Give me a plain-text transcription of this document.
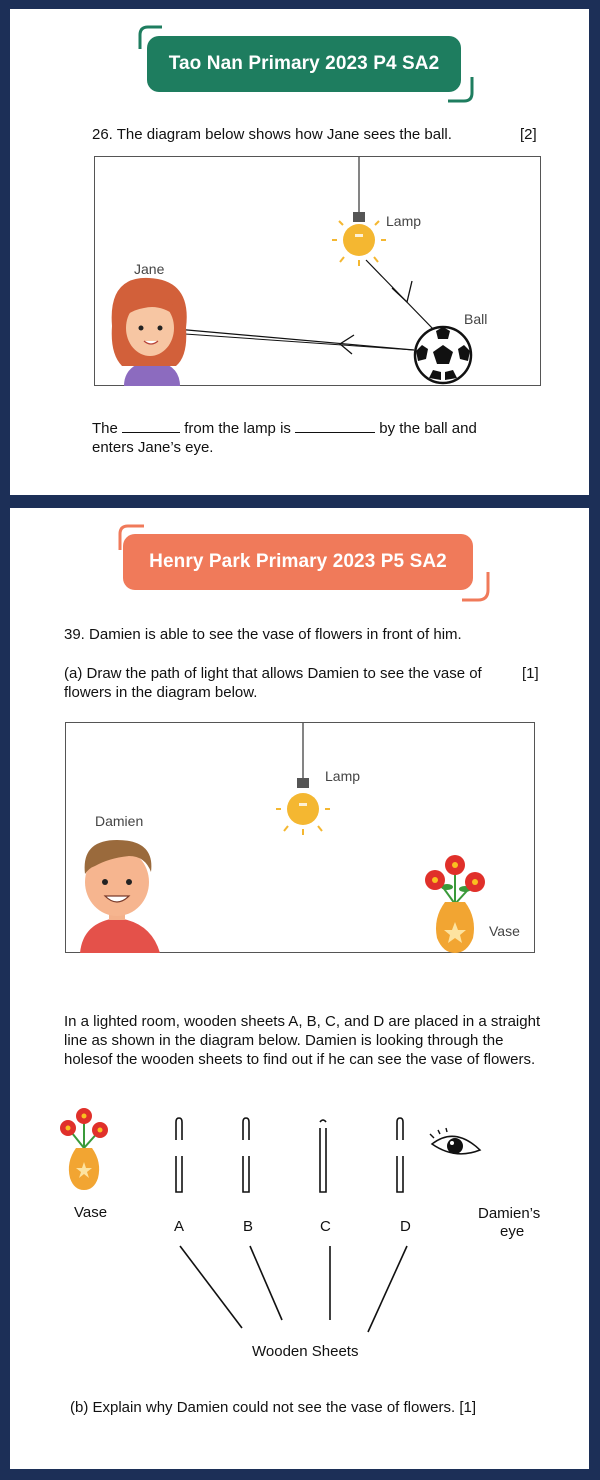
Tao Nan Primary 2023 P4 SA2
26. The diagram below shows how Jane sees the ball.	[2]
Lamp
Ball
Jane
The	from the lamp is	by the ball and
enters Jane’s eye.
Henry Park Primary 2023 P5 SA2
39. Damien is able to see the vase of flowers in front of him.
(a) Draw the path of light that allows Damien to see the vase of flowers in the diagram below.
[1]
Lamp
Damien
Vase
In a lighted room, wooden sheets A, B, C, and D are placed in a straight line as shown in the diagram below. Damien is looking through the holesof the wooden sheets to find out if he can see the vase of flowers.
Vase
A	B	C	D
Damien’s
eye
Wooden Sheets
(b) Explain why Damien could not see the vase of flowers. [1]
